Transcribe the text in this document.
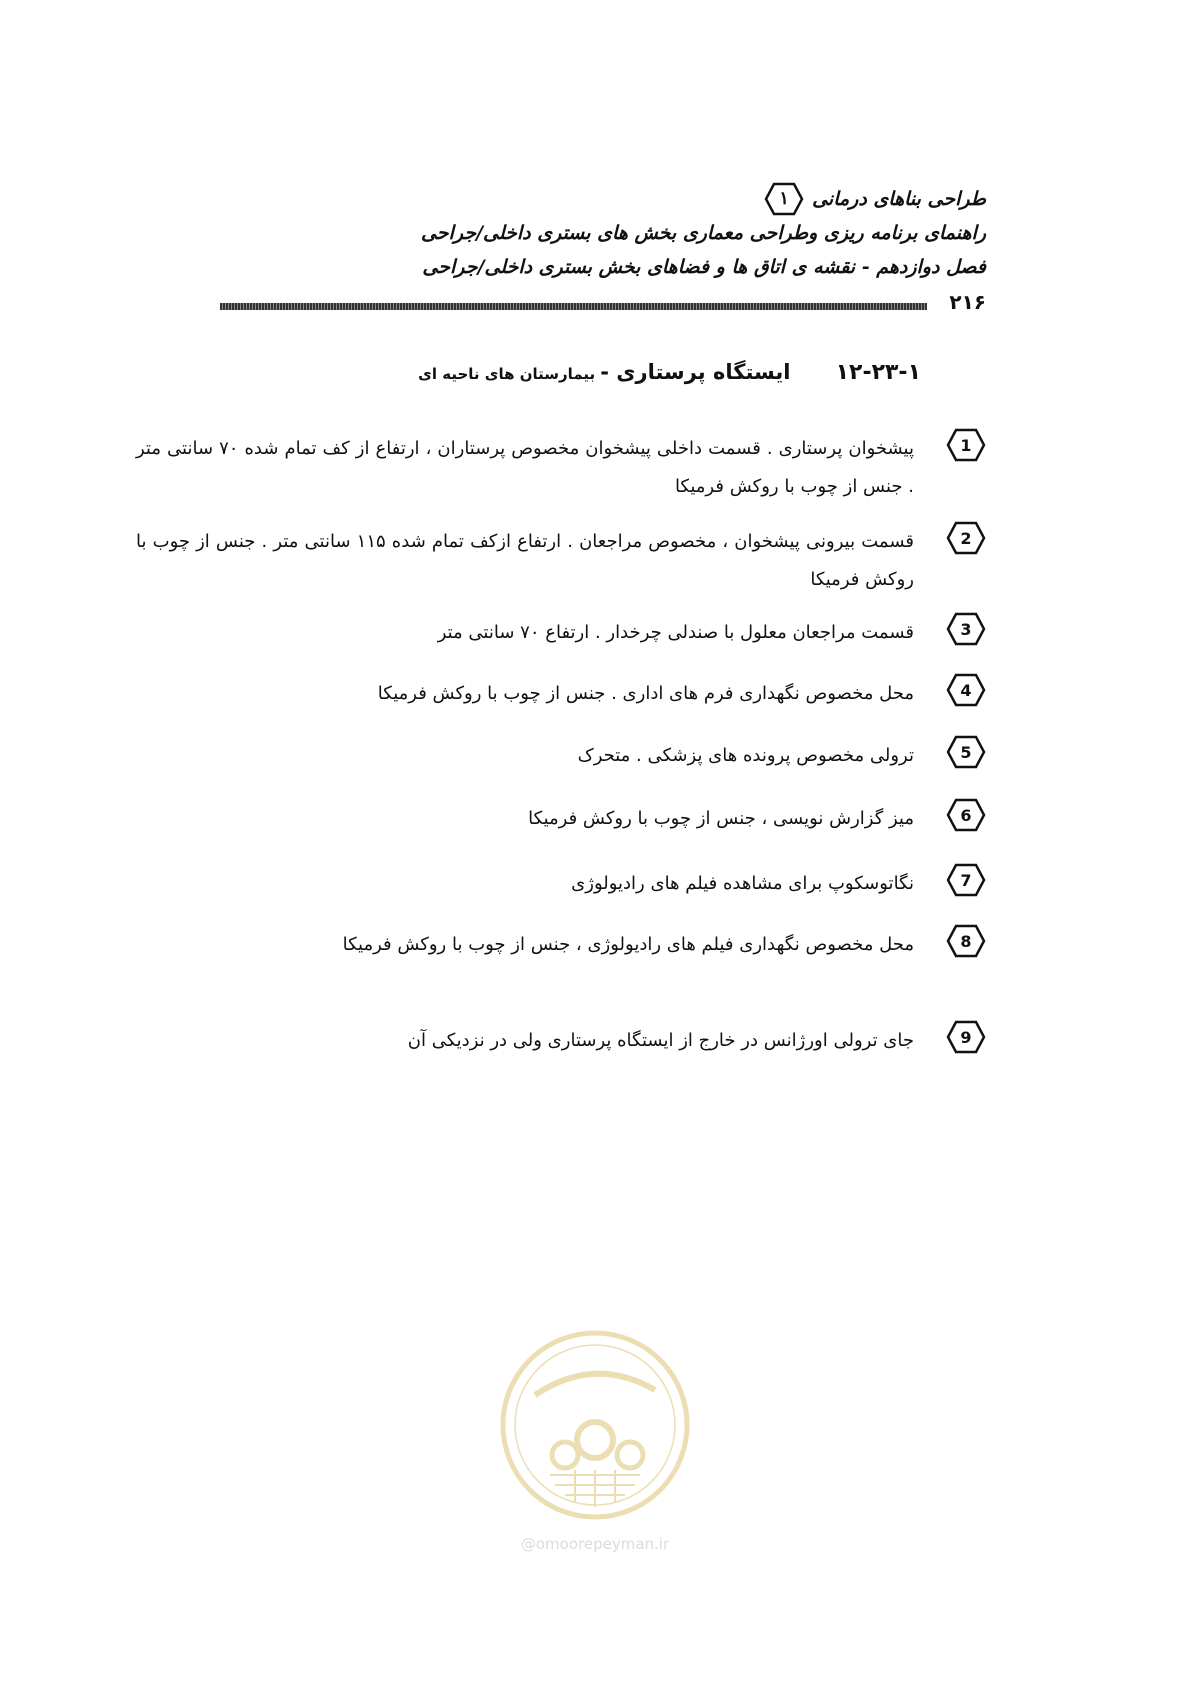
طراحی بناهای درمانی
۱
راهنمای برنامه ریزی وطراحی معماری بخش های بستری داخلی/جراحی
فصل دوازدهم - نقشه ی اتاق ها و فضاهای بخش بستری داخلی/جراحی
۲۱۶
۱۲-۲۳-۱ ایستگاه پرستاری - بیمارستان های ناحیه ای
1
پیشخوان پرستاری . قسمت داخلی پیشخوان مخصوص پرستاران ، ارتفاع از کف تمام شده ۷۰ سانتی متر . جنس از چوب با روکش فرمیکا
2
قسمت بیرونی پیشخوان ، مخصوص مراجعان . ارتفاع ازکف تمام شده ۱۱۵ سانتی متر . جنس از چوب با روکش فرمیکا
3
قسمت مراجعان معلول با صندلی چرخدار . ارتفاع ۷۰ سانتی متر
4
محل مخصوص نگهداری فرم های اداری . جنس از چوب با روکش فرمیکا
5
ترولی مخصوص پرونده های پزشکی . متحرک
6
میز گزارش نویسی ، جنس از چوب با روکش فرمیکا
7
نگاتوسکوپ برای مشاهده فیلم های رادیولوژی
8
محل مخصوص نگهداری فیلم های رادیولوژی ، جنس از چوب با روکش فرمیکا
9
جای ترولی اورژانس در خارج از ایستگاه پرستاری ولی در نزدیکی آن
@omoorepeyman.ir
